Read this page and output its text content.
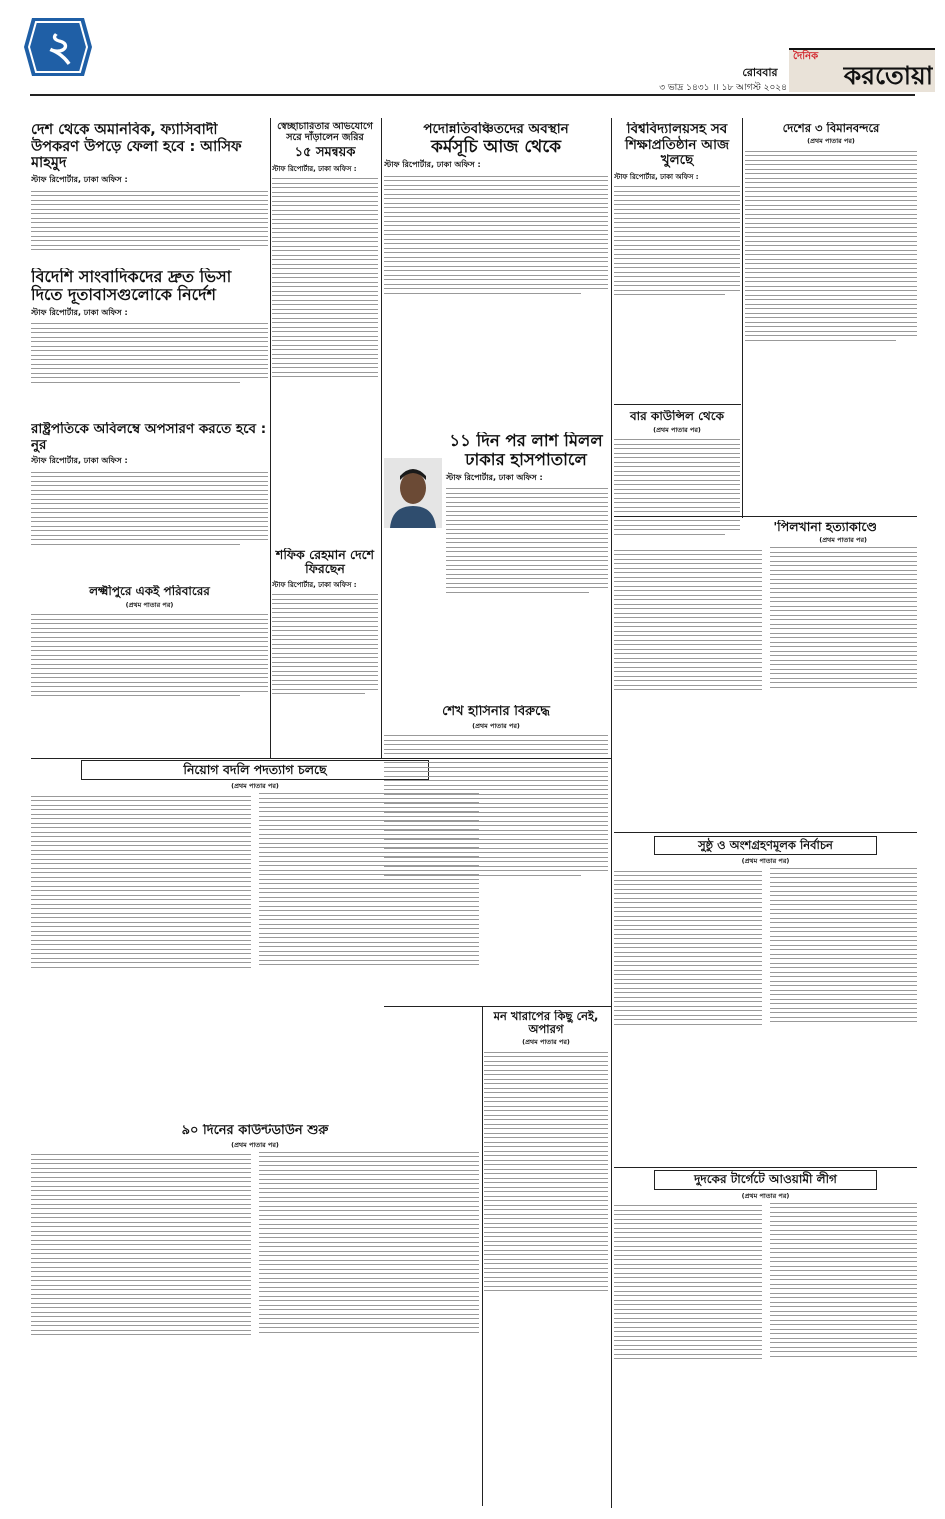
২
রোববার
৩ ভাদ্র ১৪৩১ ।। ১৮ আগস্ট ২০২৪
দৈনিক
করতোয়া
দেশ থেকে অমানবিক, ফ্যাসিবাদী উপকরণ উপড়ে ফেলা হবে : আসিফ মাহমুদ
স্টাফ রিপোর্টার, ঢাকা অফিস :
বিদেশি সাংবাদিকদের দ্রুত ভিসা দিতে দূতাবাসগুলোকে নির্দেশ
স্টাফ রিপোর্টার, ঢাকা অফিস :
রাষ্ট্রপতিকে অবিলম্বে অপসারণ করতে হবে : নুর
স্টাফ রিপোর্টার, ঢাকা অফিস :
লক্ষ্মীপুরে একই পরিবারের
(প্রথম পাতার পর)
নিয়োগ বদলি পদত্যাগ চলছে
(প্রথম পাতার পর)
৯০ দিনের কাউন্টডাউন শুরু
(প্রথম পাতার পর)
স্বেচ্ছাচারিতার অভিযোগে সরে দাঁড়ালেন জরির
১৫ সমন্বয়ক
স্টাফ রিপোর্টার, ঢাকা অফিস :
শফিক রেহমান দেশে ফিরছেন
স্টাফ রিপোর্টার, ঢাকা অফিস :
পদোন্নতিবঞ্চিতদের অবস্থান
কর্মসূচি আজ থেকে
স্টাফ রিপোর্টার, ঢাকা অফিস :
১১ দিন পর লাশ মিলল ঢাকার হাসপাতালে
স্টাফ রিপোর্টার, ঢাকা অফিস :
শেখ হাসিনার বিরুদ্ধে
(প্রথম পাতার পর)
মন খারাপের কিছু নেই, অপারগ
(প্রথম পাতার পর)
বিশ্ববিদ্যালয়সহ সব শিক্ষাপ্রতিষ্ঠান আজ খুলছে
স্টাফ রিপোর্টার, ঢাকা অফিস :
বার কাউন্সিল থেকে
(প্রথম পাতার পর)
দেশের ৩ বিমানবন্দরে
(প্রথম পাতার পর)
'পিলখানা হত্যাকাণ্ডে
(প্রথম পাতার পর)
সুষ্ঠু ও অংশগ্রহণমূলক নির্বাচন
(প্রথম পাতার পর)
দুদকের টার্গেটে আওয়ামী লীগ
(প্রথম পাতার পর)
